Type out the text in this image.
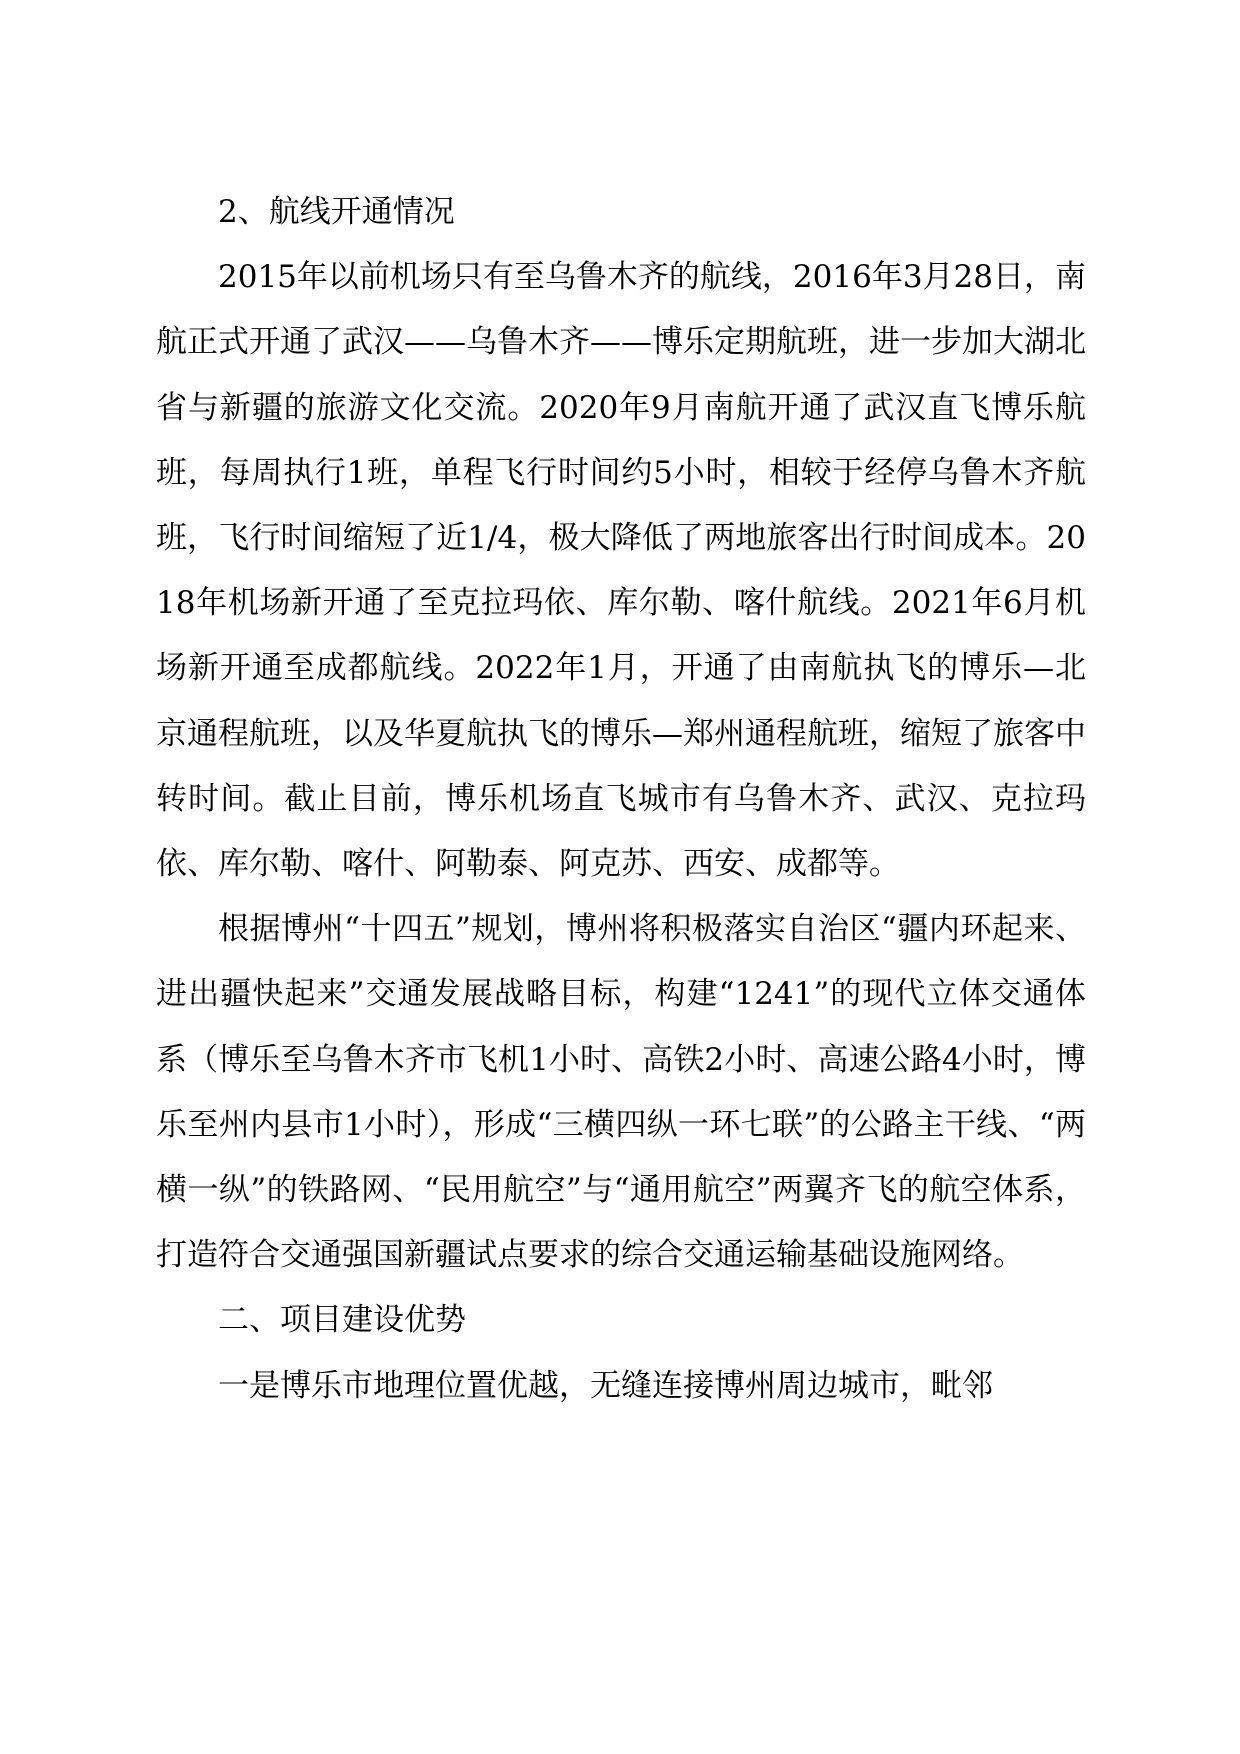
2、航线开通情况

2015年以前机场只有至乌鲁木齐的航线，2016年3月28日，南航正式开通了武汉——乌鲁木齐——博乐定期航班，进一步加大湖北省与新疆的旅游文化交流。2020年9月南航开通了武汉直飞博乐航班，每周执行1班，单程飞行时间约5小时，相较于经停乌鲁木齐航班，飞行时间缩短了近1/4，极大降低了两地旅客出行时间成本。2018年机场新开通了至克拉玛依、库尔勒、喀什航线。2021年6月机场新开通至成都航线。2022年1月，开通了由南航执飞的博乐—北京通程航班，以及华夏航执飞的博乐—郑州通程航班，缩短了旅客中转时间。截止目前，博乐机场直飞城市有乌鲁木齐、武汉、克拉玛依、库尔勒、喀什、阿勒泰、阿克苏、西安、成都等。

根据博州“十四五”规划，博州将积极落实自治区“疆内环起来、进出疆快起来”交通发展战略目标，构建“1241”的现代立体交通体系（博乐至乌鲁木齐市飞机1小时、高铁2小时、高速公路4小时，博乐至州内县市1小时），形成“三横四纵一环七联”的公路主干线、“两横一纵”的铁路网、“民用航空”与“通用航空”两翼齐飞的航空体系，打造符合交通强国新疆试点要求的综合交通运输基础设施网络。

二、项目建设优势

一是博乐市地理位置优越，无缝连接博州周边城市，毗邻
